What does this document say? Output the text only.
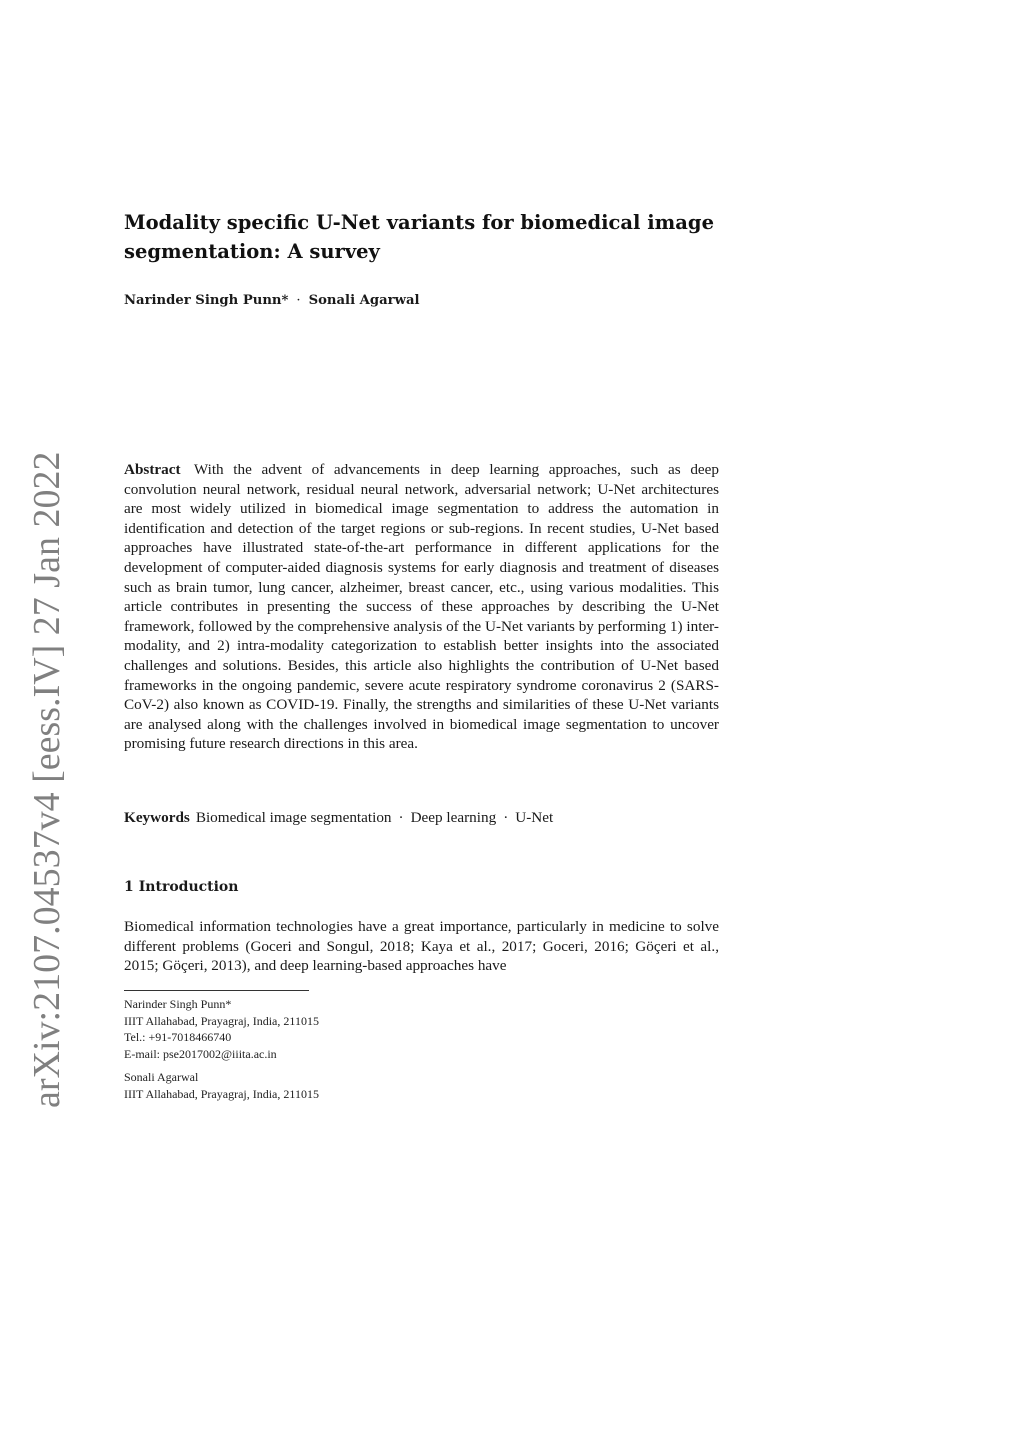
arXiv:2107.04537v4 [eess.IV] 27 Jan 2022
Modality specific U-Net variants for biomedical image
segmentation: A survey
Narinder Singh Punn* · Sonali Agarwal
Abstract With the advent of advancements in deep learning approaches, such as deep convolution neural network, residual neural network, adversarial network; U-Net architectures are most widely utilized in biomedical image segmentation to address the automation in identification and detection of the target regions or sub-regions. In recent studies, U-Net based approaches have illustrated state-of-the-art performance in different applications for the development of computer-aided diagnosis systems for early diagnosis and treatment of diseases such as brain tumor, lung cancer, alzheimer, breast cancer, etc., using various modalities. This article contributes in presenting the success of these approaches by describing the U-Net framework, followed by the comprehensive analysis of the U-Net variants by performing 1) inter-modality, and 2) intra-modality categorization to establish better insights into the associated challenges and solutions. Besides, this article also highlights the contribution of U-Net based frameworks in the ongoing pandemic, severe acute respiratory syndrome coronavirus 2 (SARS-CoV-2) also known as COVID-19. Finally, the strengths and similarities of these U-Net variants are analysed along with the challenges involved in biomedical image segmentation to uncover promising future research directions in this area.
Keywords Biomedical image segmentation · Deep learning · U-Net
1 Introduction
Biomedical information technologies have a great importance, particularly in medicine to solve different problems (Goceri and Songul, 2018; Kaya et al., 2017; Goceri, 2016; Göçeri et al., 2015; Göçeri, 2013), and deep learning-based approaches have
Narinder Singh Punn*
IIIT Allahabad, Prayagraj, India, 211015
Tel.: +91-7018466740
E-mail: pse2017002@iiita.ac.in
Sonali Agarwal
IIIT Allahabad, Prayagraj, India, 211015
